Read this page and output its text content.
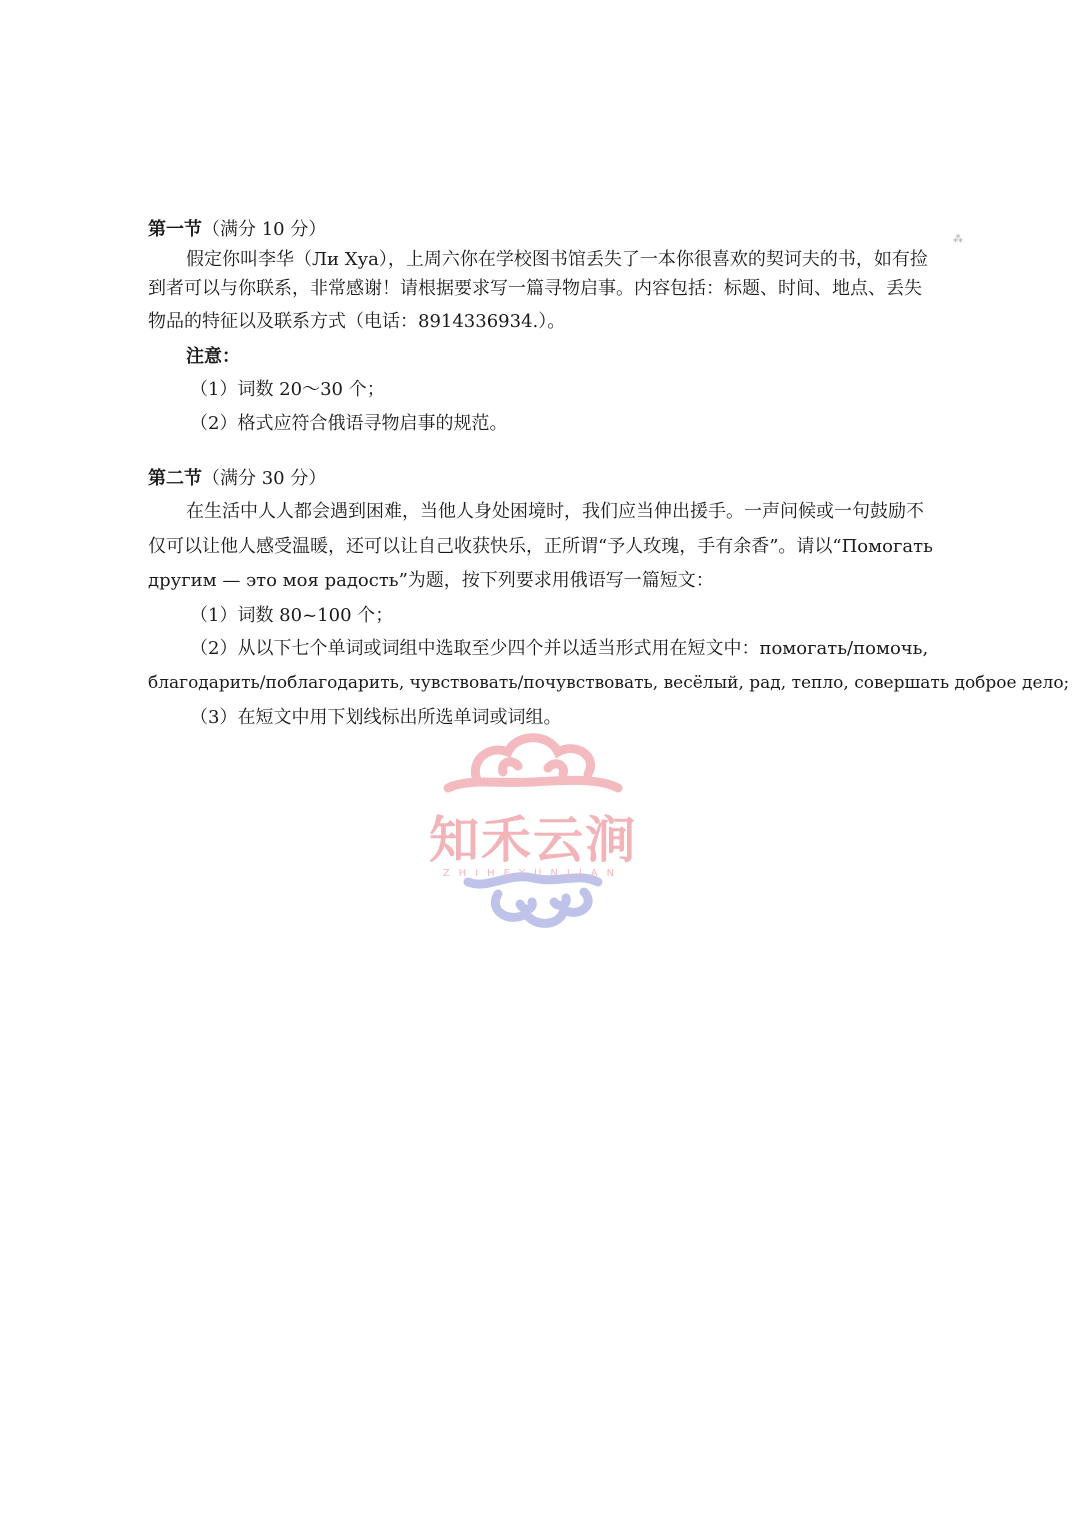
第一节（满分 10 分）
假定你叫李华（Ли Хуа），上周六你在学校图书馆丢失了一本你很喜欢的契诃夫的书，如有捡
到者可以与你联系，非常感谢！请根据要求写一篇寻物启事。内容包括：标题、时间、地点、丢失
物品的特征以及联系方式（电话：8914336934.）。
注意：
（1）词数 20～30 个；
（2）格式应符合俄语寻物启事的规范。
第二节（满分 30 分）
在生活中人人都会遇到困难，当他人身处困境时，我们应当伸出援手。一声问候或一句鼓励不
仅可以让他人感受温暖，还可以让自己收获快乐，正所谓“予人玫瑰，手有余香”。请以“Помогать
другим — это моя радость”为题，按下列要求用俄语写一篇短文：
（1）词数 80~100 个；
（2）从以下七个单词或词组中选取至少四个并以适当形式用在短文中：помогать/помочь,
благодарить/поблагодарить, чувствовать/почувствовать, весёлый, рад, тепло, совершать доброе дело;
（3）在短文中用下划线标出所选单词或词组。
知禾云涧
ZHIHEYUNJIAN
⁂
